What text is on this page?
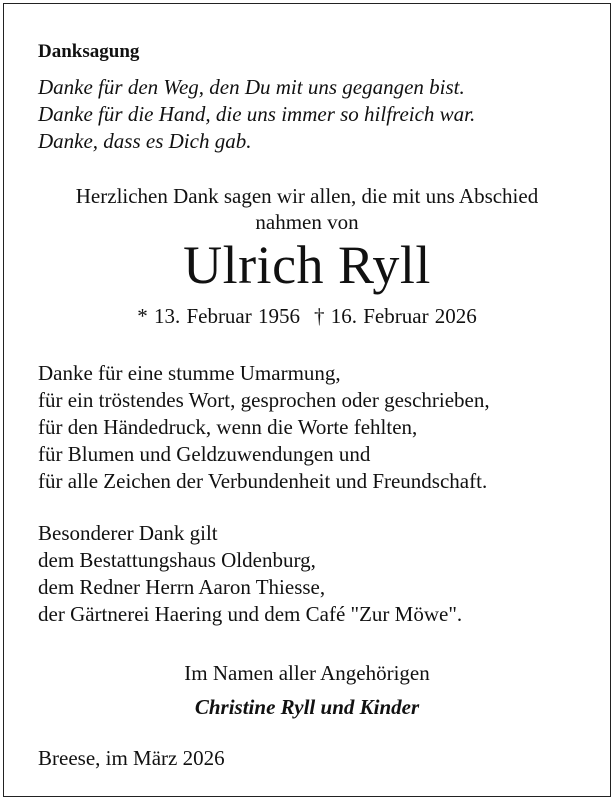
Danksagung
Danke für den Weg, den Du mit uns gegangen bist.
Danke für die Hand, die uns immer so hilfreich war.
Danke, dass es Dich gab.
Herzlichen Dank sagen wir allen, die mit uns Abschied
nahmen von
Ulrich Ryll
* 13. Februar 1956 † 16. Februar 2026
Danke für eine stumme Umarmung,
für ein tröstendes Wort, gesprochen oder geschrieben,
für den Händedruck, wenn die Worte fehlten,
für Blumen und Geldzuwendungen und
für alle Zeichen der Verbundenheit und Freundschaft.
Besonderer Dank gilt
dem Bestattungshaus Oldenburg,
dem Redner Herrn Aaron Thiesse,
der Gärtnerei Haering und dem Café "Zur Möwe".
Im Namen aller Angehörigen
Christine Ryll und Kinder
Breese, im März 2026
